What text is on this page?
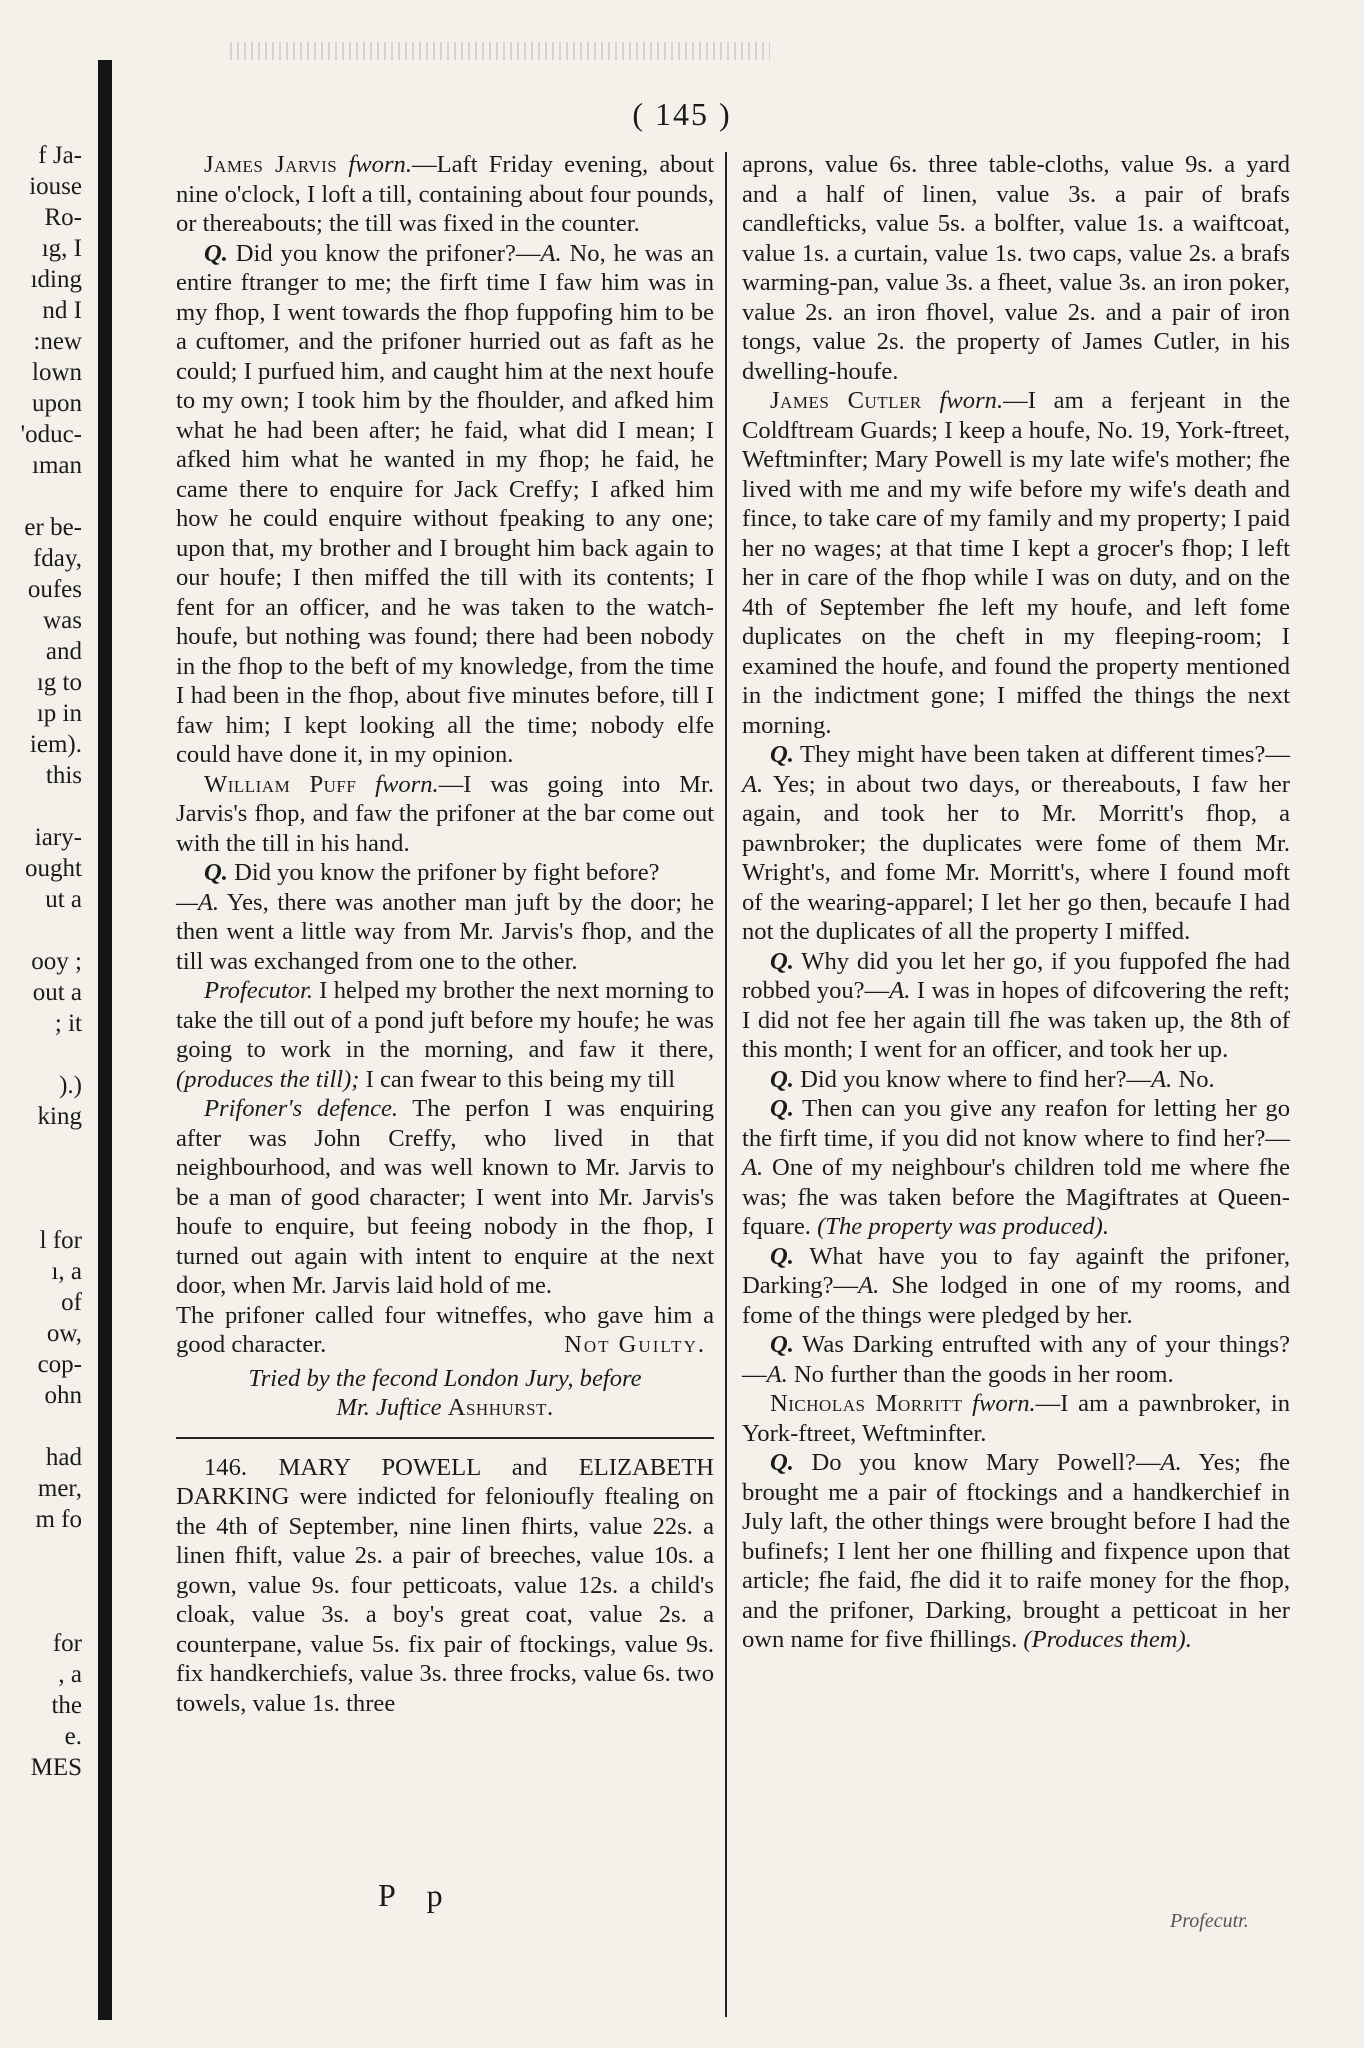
f Ja-
iouse
Ro-
ıg, I
ıding
nd I
:new
lown
upon
'oduc-
ıman
er be-
fday,
oufes
was
and
ıg to
ıp in
iem).
this
iary-
ought
ut a
ooy ;
out a
; it
).)
king
l for
ı, a
of
ow,
cop-
ohn
had
mer,
m fo
for
, a
the
e.
MES
( 145 )

James Jarvis fworn.—Laft Friday evening, about nine o'clock, I loft a till, containing about four pounds, or thereabouts; the till was fixed in the counter.

Q. Did you know the prifoner?—A. No, he was an entire ftranger to me; the firft time I faw him was in my fhop, I went towards the fhop fuppofing him to be a cuftomer, and the prifoner hurried out as faft as he could; I purfued him, and caught him at the next houfe to my own; I took him by the fhoulder, and afked him what he had been after; he faid, what did I mean; I afked him what he wanted in my fhop; he faid, he came there to enquire for Jack Creffy; I afked him how he could enquire without fpeaking to any one; upon that, my brother and I brought him back again to our houfe; I then miffed the till with its contents; I fent for an officer, and he was taken to the watch-houfe, but nothing was found; there had been nobody in the fhop to the beft of my knowledge, from the time I had been in the fhop, about five minutes before, till I faw him; I kept looking all the time; nobody elfe could have done it, in my opinion.

William Puff fworn.—I was going into Mr. Jarvis's fhop, and faw the prifoner at the bar come out with the till in his hand.

Q. Did you know the prifoner by fight before?
—A. Yes, there was another man juft by the door; he then went a little way from Mr. Jarvis's fhop, and the till was exchanged from one to the other.

Profecutor. I helped my brother the next morning to take the till out of a pond juft before my houfe; he was going to work in the morning, and faw it there, (produces the till); I can fwear to this being my till

Prifoner's defence. The perfon I was enquiring after was John Creffy, who lived in that neighbourhood, and was well known to Mr. Jarvis to be a man of good character; I went into Mr. Jarvis's houfe to enquire, but feeing nobody in the fhop, I turned out again with intent to enquire at the next door, when Mr. Jarvis laid hold of me.

The prifoner called four witneffes, who gave him a good character.	Not Guilty.

Tried by the fecond London Jury, before
Mr. Juftice Ashhurst.

146. MARY POWELL and ELIZABETH DARKING were indicted for felonioufly ftealing on the 4th of September, nine linen fhirts, value 22s. a linen fhift, value 2s. a pair of breeches, value 10s. a gown, value 9s. four petticoats, value 12s. a child's cloak, value 3s. a boy's great coat, value 2s. a counterpane, value 5s. fix pair of ftockings, value 9s. fix handkerchiefs, value 3s. three frocks, value 6s. two towels, value 1s. three

aprons, value 6s. three table-cloths, value 9s. a yard and a half of linen, value 3s. a pair of brafs candlefticks, value 5s. a bolfter, value 1s. a waiftcoat, value 1s. a curtain, value 1s. two caps, value 2s. a brafs warming-pan, value 3s. a fheet, value 3s. an iron poker, value 2s. an iron fhovel, value 2s. and a pair of iron tongs, value 2s. the property of James Cutler, in his dwelling-houfe.

James Cutler fworn.—I am a ferjeant in the Coldftream Guards; I keep a houfe, No. 19, York-ftreet, Weftminfter; Mary Powell is my late wife's mother; fhe lived with me and my wife before my wife's death and fince, to take care of my family and my property; I paid her no wages; at that time I kept a grocer's fhop; I left her in care of the fhop while I was on duty, and on the 4th of September fhe left my houfe, and left fome duplicates on the cheft in my fleeping-room; I examined the houfe, and found the property mentioned in the indictment gone; I miffed the things the next morning.

Q. They might have been taken at different times?—A. Yes; in about two days, or thereabouts, I faw her again, and took her to Mr. Morritt's fhop, a pawnbroker; the duplicates were fome of them Mr. Wright's, and fome Mr. Morritt's, where I found moft of the wearing-apparel; I let her go then, becaufe I had not the duplicates of all the property I miffed.

Q. Why did you let her go, if you fuppofed fhe had robbed you?—A. I was in hopes of difcovering the reft; I did not fee her again till fhe was taken up, the 8th of this month; I went for an officer, and took her up.

Q. Did you know where to find her?—A. No.

Q. Then can you give any reafon for letting her go the firft time, if you did not know where to find her?—A. One of my neighbour's children told me where fhe was; fhe was taken before the Magiftrates at Queen-fquare. (The property was produced).

Q. What have you to fay againft the prifoner, Darking?—A. She lodged in one of my rooms, and fome of the things were pledged by her.

Q. Was Darking entrufted with any of your things?—A. No further than the goods in her room.

Nicholas Morritt fworn.—I am a pawnbroker, in York-ftreet, Weftminfter.

Q. Do you know Mary Powell?—A. Yes; fhe brought me a pair of ftockings and a handkerchief in July laft, the other things were brought before I had the bufinefs; I lent her one fhilling and fixpence upon that article; fhe faid, fhe did it to raife money for the fhop, and the prifoner, Darking, brought a petticoat in her own name for five fhillings. (Produces them).

P p
Profecutr.
